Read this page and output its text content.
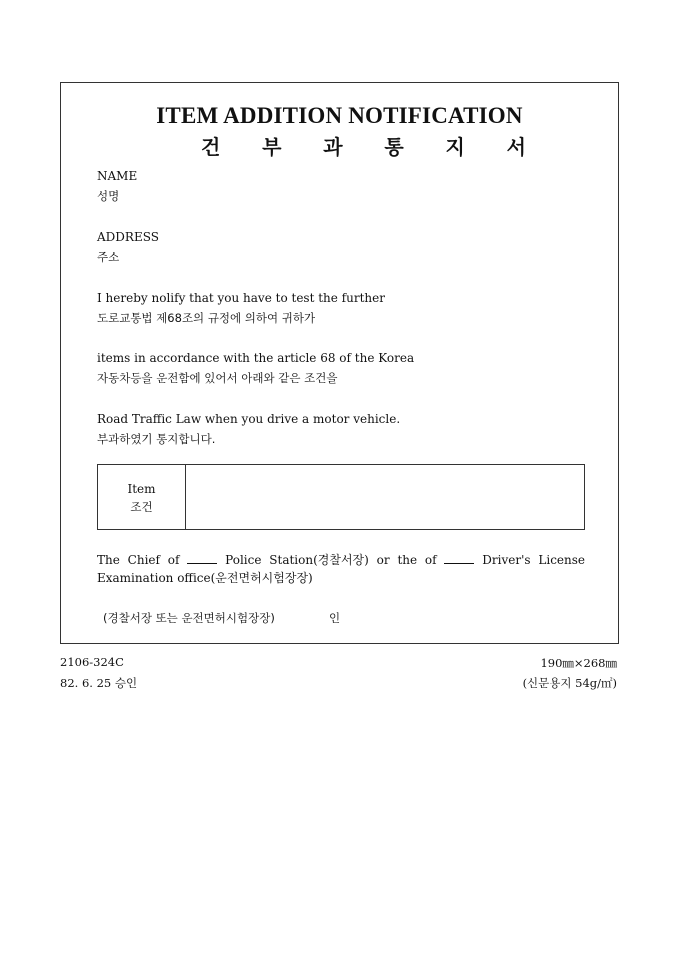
ITEM ADDITION NOTIFICATION
건 부 과 통 지 서
NAME
성명
ADDRESS
주소
I hereby nolify that you have to test the further
도로교통법 제68조의 규정에 의하여 귀하가
items in accordance with the article 68 of the Korea
자동차등을 운전함에 있어서 아래와 같은 조건을
Road Traffic Law when you drive a motor vehicle.
부과하였기 통지합니다.
Item
조건
The Chief of	Police Station(경찰서장) or the of	Driver's License
Examination office(운전면허시험장장)
(경찰서장 또는 운전면허시험장장)	인
2106-324C
82. 6. 25 승인
190㎜×268㎜
(신문용지 54g/㎡)
